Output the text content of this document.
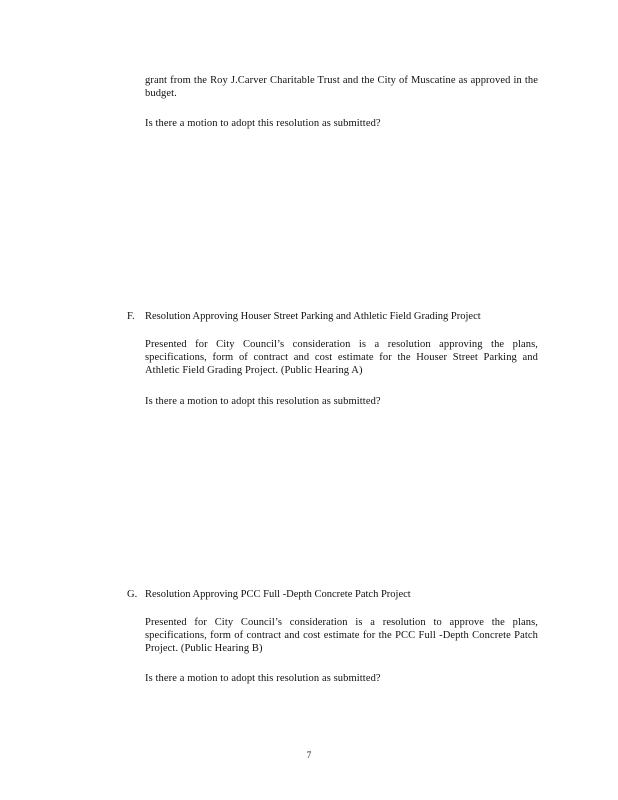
grant from the Roy J.Carver Charitable Trust and the City of Muscatine as approved in the budget.
Is there a motion to adopt this resolution as submitted?
F. Resolution Approving Houser Street Parking and Athletic Field Grading Project
Presented for City Council’s consideration is a resolution approving the plans, specifications, form of contract and cost estimate for the Houser Street Parking and Athletic Field Grading Project. (Public Hearing A)
Is there a motion to adopt this resolution as submitted?
G. Resolution Approving PCC Full -Depth Concrete Patch Project
Presented for City Council’s consideration is a resolution to approve the plans, specifications, form of contract and cost estimate for the PCC Full -Depth Concrete Patch Project. (Public Hearing B)
Is there a motion to adopt this resolution as submitted?
7
